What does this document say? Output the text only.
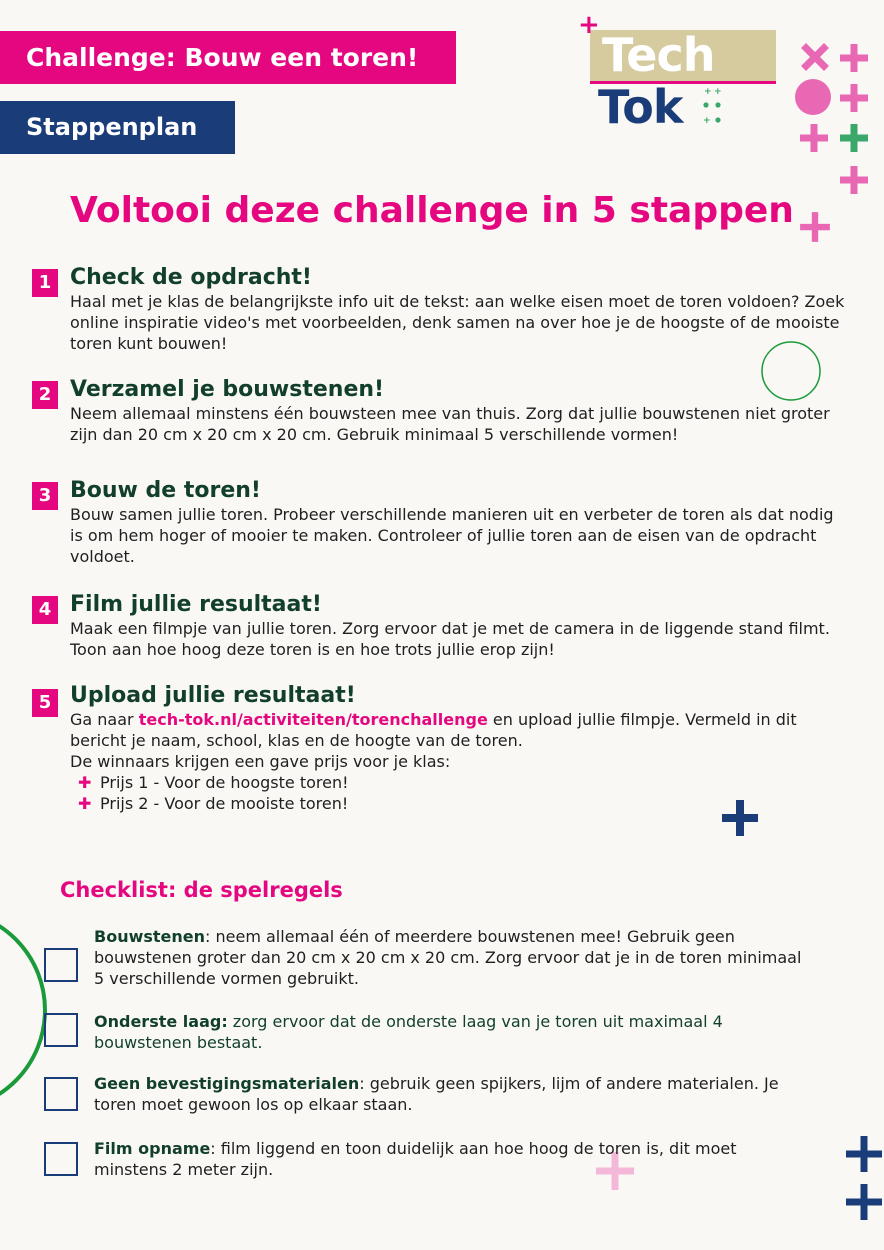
Challenge: Bouw een toren!
Stappenplan
+
Tech
Tok + +
+
Voltooi deze challenge in 5 stappen
1 Check de opdracht!

Haal met je klas de belangrijkste info uit de tekst: aan welke eisen moet de toren voldoen? Zoek online inspiratie video's met voorbeelden, denk samen na over hoe je de hoogste of de mooiste toren kunt bouwen!

2 Verzamel je bouwstenen!

Neem allemaal minstens één bouwsteen mee van thuis. Zorg dat jullie bouwstenen niet groter zijn dan 20 cm x 20 cm x 20 cm. Gebruik minimaal 5 verschillende vormen!

3 Bouw de toren!

Bouw samen jullie toren. Probeer verschillende manieren uit en verbeter de toren als dat nodig is om hem hoger of mooier te maken. Controleer of jullie toren aan de eisen van de opdracht voldoet.

4 Film jullie resultaat!

Maak een filmpje van jullie toren. Zorg ervoor dat je met de camera in de liggende stand filmt. Toon aan hoe hoog deze toren is en hoe trots jullie erop zijn!

5 Upload jullie resultaat!
Ga naar tech-tok.nl/activiteiten/torenchallenge en upload jullie filmpje. Vermeld in dit bericht je naam, school, klas en de hoogte van de toren.
De winnaars krijgen een gave prijs voor je klas:
✚ Prijs 1 - Voor de hoogste toren!
✚ Prijs 2 - Voor de mooiste toren!
Checklist: de spelregels

Bouwstenen: neem allemaal één of meerdere bouwstenen mee! Gebruik geen bouwstenen groter dan 20 cm x 20 cm x 20 cm. Zorg ervoor dat je in de toren minimaal 5 verschillende vormen gebruikt.

Onderste laag: zorg ervoor dat de onderste laag van je toren uit maximaal 4 bouwstenen bestaat.

Geen bevestigingsmaterialen: gebruik geen spijkers, lijm of andere materialen. Je toren moet gewoon los op elkaar staan.

Film opname: film liggend en toon duidelijk aan hoe hoog de toren is, dit moet minstens 2 meter zijn.
